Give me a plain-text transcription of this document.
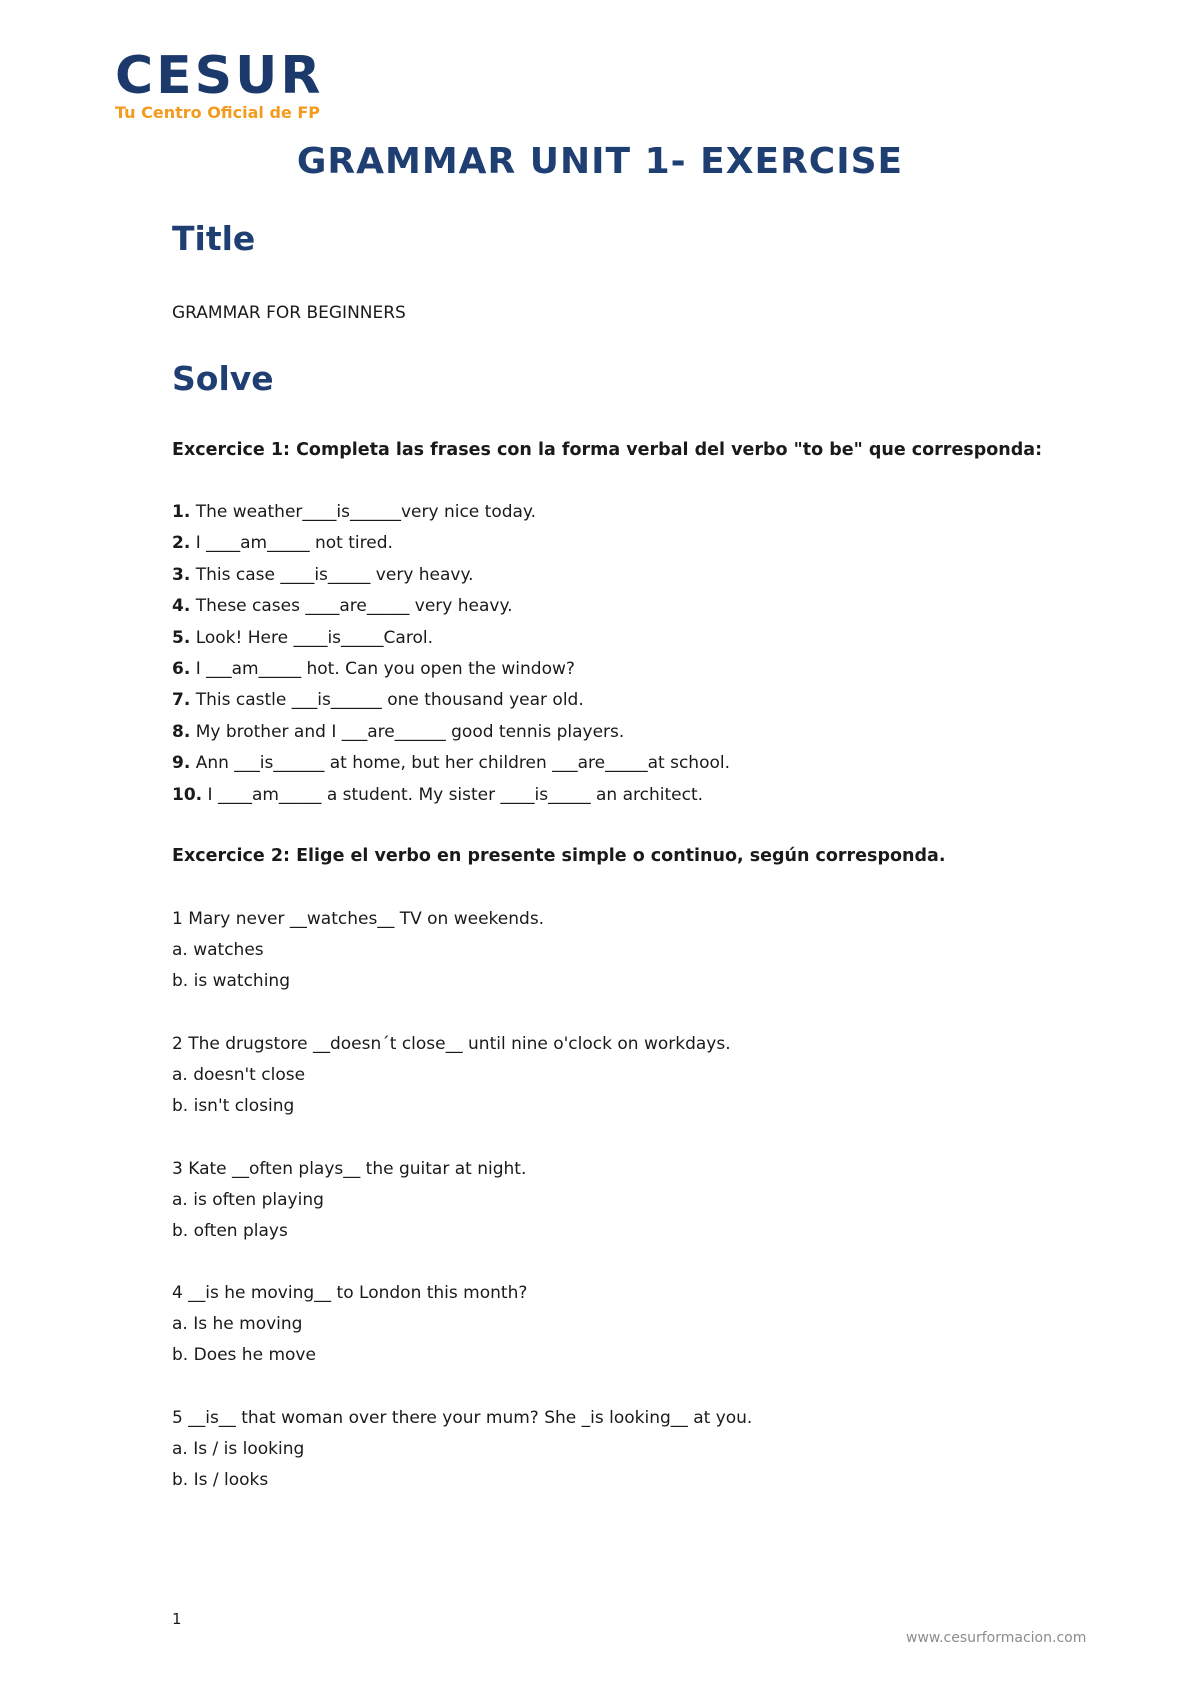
CESUR
Tu Centro Oficial de FP
GRAMMAR UNIT 1- EXERCISE
Title

GRAMMAR FOR BEGINNERS

Solve

Excercice 1: Completa las frases con la forma verbal del verbo "to be" que corresponda:

1. The weather____is______very nice today.

2. I ____am_____ not tired.

3. This case ____is_____ very heavy.

4. These cases ____are_____ very heavy.

5. Look! Here ____is_____Carol.

6. I ___am_____ hot. Can you open the window?

7. This castle ___is______ one thousand year old.

8. My brother and I ___are______ good tennis players.

9. Ann ___is______ at home, but her children ___are_____at school.

10. I ____am_____ a student. My sister ____is_____ an architect.

Excercice 2: Elige el verbo en presente simple o continuo, según corresponda.

1 Mary never __watches__ TV on weekends.

a. watches

b. is watching

2 The drugstore __doesn´t close__ until nine o'clock on workdays.

a. doesn't close

b. isn't closing

3 Kate __often plays__ the guitar at night.

a. is often playing

b. often plays

4 __is he moving__ to London this month?

a. Is he moving

b. Does he move

5 __is__ that woman over there your mum? She _is looking__ at you.

a. Is / is looking

b. Is / looks

1
www.cesurformacion.com
